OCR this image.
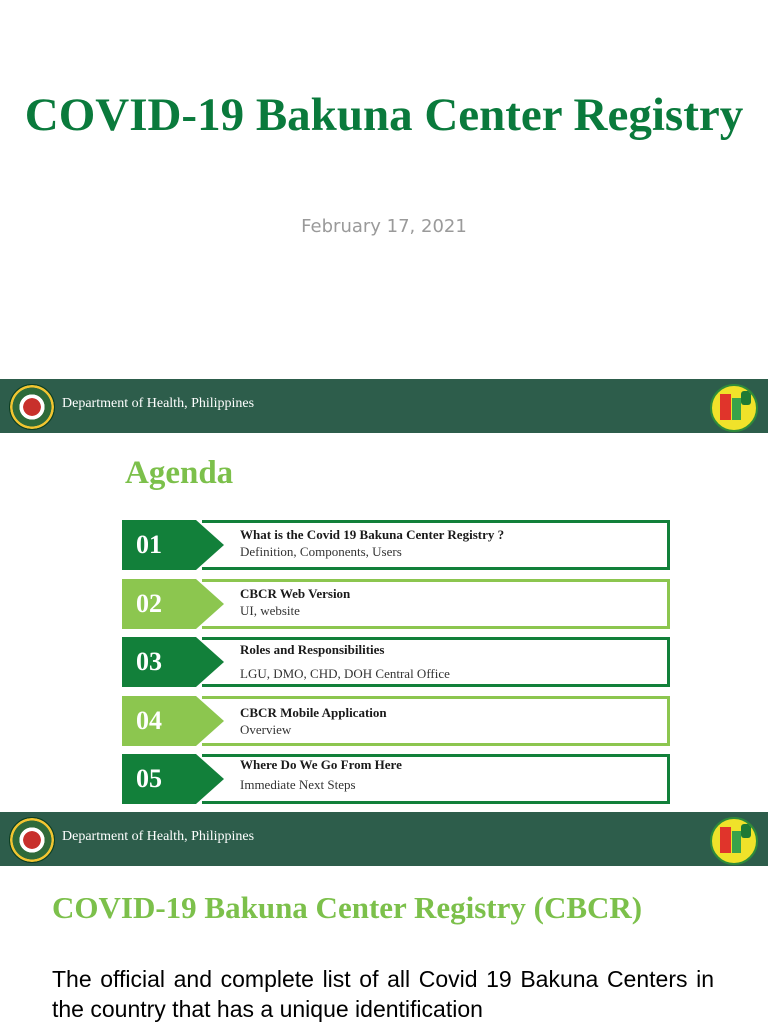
COVID-19 Bakuna Center Registry
February 17, 2021
Department of Health, Philippines
Agenda
01	What is the Covid 19 Bakuna Center Registry ?
Definition, Components, Users
02	CBCR Web Version
UI, website
03	Roles and Responsibilities
LGU, DMO, CHD, DOH Central Office
04	CBCR Mobile Application
Overview
05	Where Do We Go From Here
Immediate Next Steps
Department of Health, Philippines
COVID-19 Bakuna Center Registry (CBCR)
The official and complete list of all Covid 19 Bakuna Centers in the country that has a unique identification
